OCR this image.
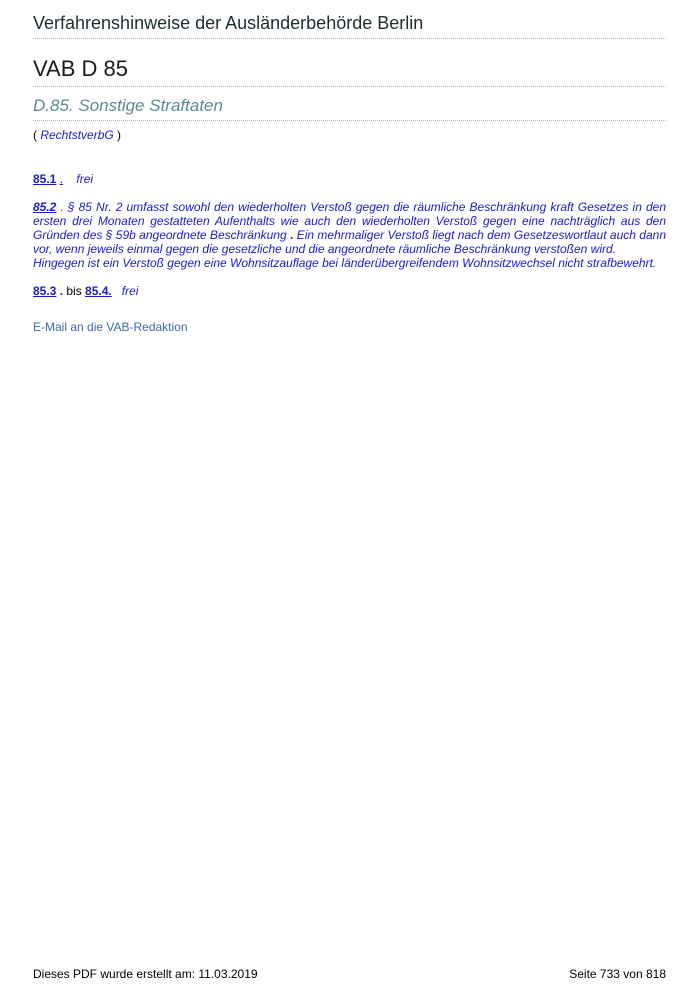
Verfahrenshinweise der Ausländerbehörde Berlin
VAB D 85
D.85. Sonstige Straftaten
( RechtstverbG )
85.1 . frei
85.2 . § 85 Nr. 2 umfasst sowohl den wiederholten Verstoß gegen die räumliche Beschränkung kraft Gesetzes in den ersten drei Monaten gestatteten Aufenthalts wie auch den wiederholten Verstoß gegen eine nachträglich aus den Gründen des § 59b angeordnete Beschränkung . Ein mehrmaliger Verstoß liegt nach dem Gesetzeswortlaut auch dann vor, wenn jeweils einmal gegen die gesetzliche und die angeordnete räumliche Beschränkung verstoßen wird.
Hingegen ist ein Verstoß gegen eine Wohnsitzauflage bei länderübergreifendem Wohnsitzwechsel nicht strafbewehrt.
85.3 . bis 85.4. frei
E-Mail an die VAB-Redaktion
Dieses PDF wurde erstellt am: 11.03.2019	Seite 733 von 818
